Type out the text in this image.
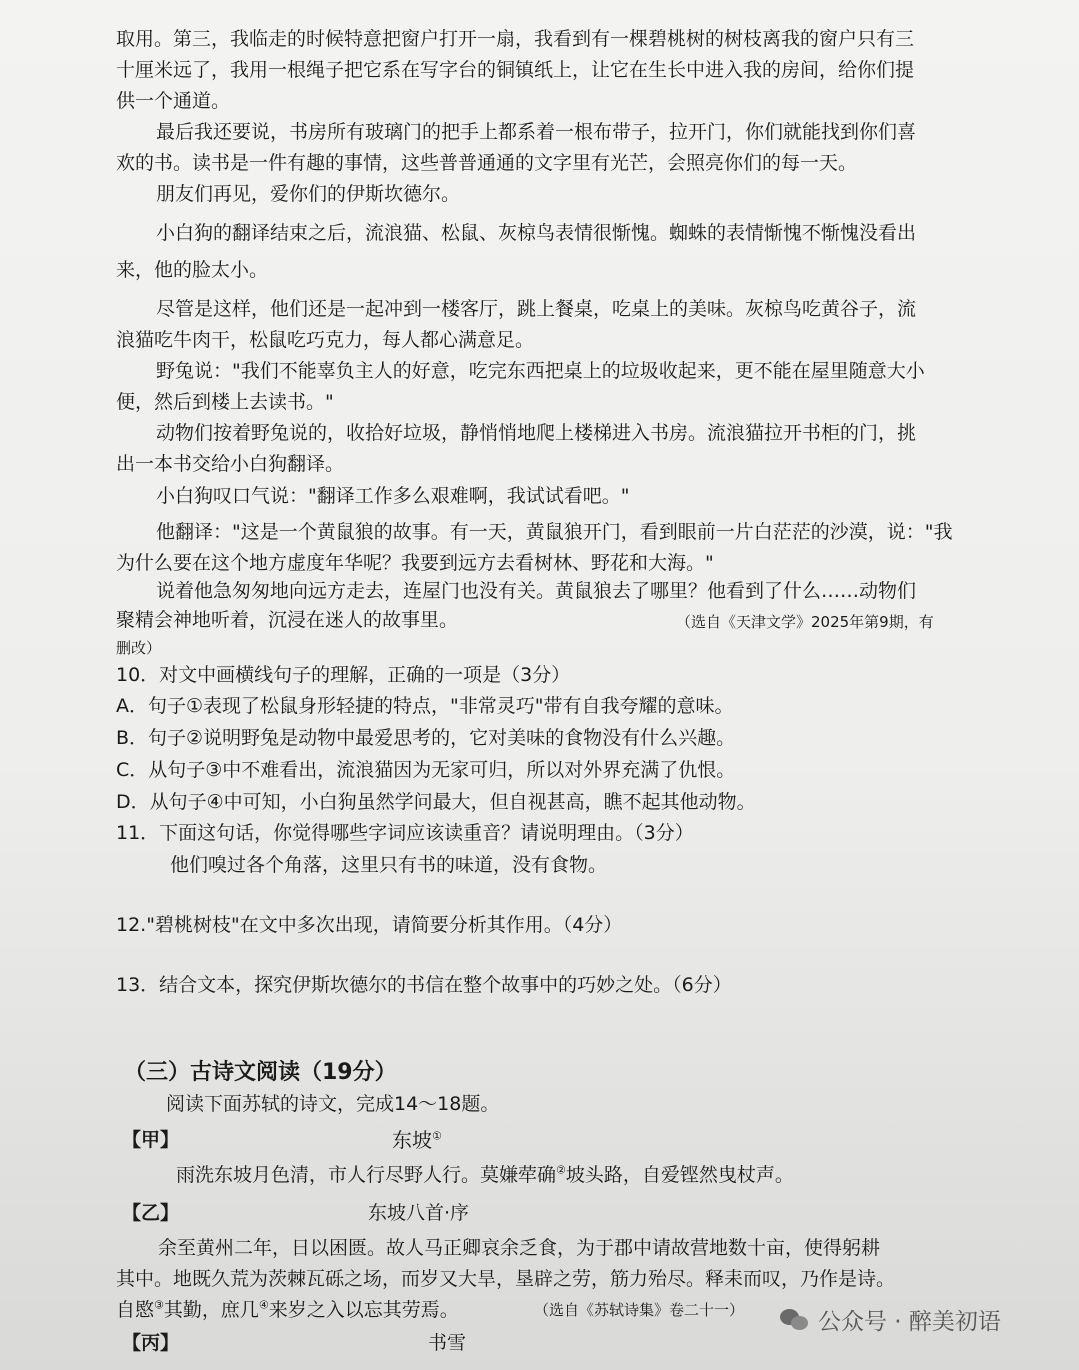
取用。第三，我临走的时候特意把窗户打开一扇，我看到有一棵碧桃树的树枝离我的窗户只有三
十厘米远了，我用一根绳子把它系在写字台的铜镇纸上，让它在生长中进入我的房间，给你们提
供一个通道。
最后我还要说，书房所有玻璃门的把手上都系着一根布带子，拉开门，你们就能找到你们喜
欢的书。读书是一件有趣的事情，这些普普通通的文字里有光芒，会照亮你们的每一天。
朋友们再见，爱你们的伊斯坎德尔。
小白狗的翻译结束之后，流浪猫、松鼠、灰椋鸟表情很惭愧。蜘蛛的表情惭愧不惭愧没看出
来，他的脸太小。
尽管是这样，他们还是一起冲到一楼客厅，跳上餐桌，吃桌上的美味。灰椋鸟吃黄谷子，流
浪猫吃牛肉干，松鼠吃巧克力，每人都心满意足。
野兔说："我们不能辜负主人的好意，吃完东西把桌上的垃圾收起来，更不能在屋里随意大小
便，然后到楼上去读书。"
动物们按着野兔说的，收拾好垃圾，静悄悄地爬上楼梯进入书房。流浪猫拉开书柜的门，挑
出一本书交给小白狗翻译。
小白狗叹口气说："翻译工作多么艰难啊，我试试看吧。"
他翻译："这是一个黄鼠狼的故事。有一天，黄鼠狼开门，看到眼前一片白茫茫的沙漠，说："我
为什么要在这个地方虚度年华呢？我要到远方去看树林、野花和大海。"
说着他急匆匆地向远方走去，连屋门也没有关。黄鼠狼去了哪里？他看到了什么……动物们
聚精会神地听着，沉浸在迷人的故事里。	（选自《天津文学》2025年第9期，有
删改）
10．对文中画横线句子的理解，正确的一项是（3分）
A．句子①表现了松鼠身形轻捷的特点，"非常灵巧"带有自我夸耀的意味。
B．句子②说明野兔是动物中最爱思考的，它对美味的食物没有什么兴趣。
C．从句子③中不难看出，流浪猫因为无家可归，所以对外界充满了仇恨。
D．从句子④中可知，小白狗虽然学问最大，但自视甚高，瞧不起其他动物。
11．下面这句话，你觉得哪些字词应该读重音？请说明理由。（3分）
他们嗅过各个角落，这里只有书的味道，没有食物。
12."碧桃树枝"在文中多次出现，请简要分析其作用。（4分）
13．结合文本，探究伊斯坎德尔的书信在整个故事中的巧妙之处。（6分）
（三）古诗文阅读（19分）
阅读下面苏轼的诗文，完成14～18题。
【甲】	东坡①
雨洗东坡月色清，市人行尽野人行。莫嫌荦确②坡头路，自爱铿然曳杖声。
【乙】	东坡八首·序
余至黄州二年，日以困匮。故人马正卿哀余乏食，为于郡中请故营地数十亩，使得躬耕
其中。地既久荒为茨棘瓦砾之场，而岁又大旱，垦辟之劳，筋力殆尽。释耒而叹，乃作是诗。
自愍③其勤，庶几④来岁之入以忘其劳焉。	（选自《苏轼诗集》卷二十一）
【丙】	书雪
公众号 · 醉美初语
